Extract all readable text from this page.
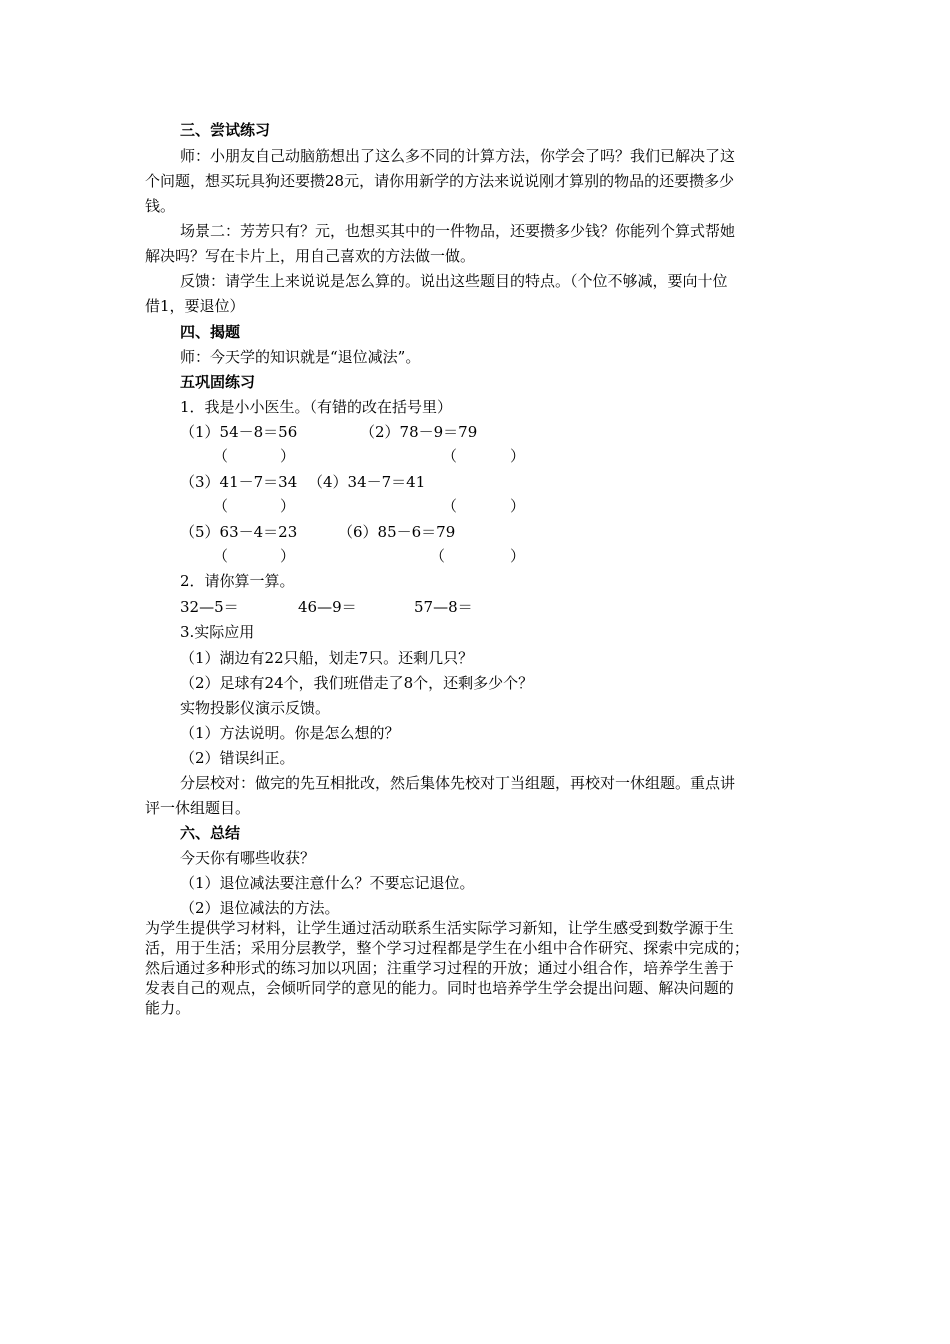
三、尝试练习
师：小朋友自己动脑筋想出了这么多不同的计算方法，你学会了吗？我们已解决了这
个问题，想买玩具狗还要攒28元，请你用新学的方法来说说刚才算别的物品的还要攒多少
钱。
场景二：芳芳只有？元，也想买其中的一件物品，还要攒多少钱？你能列个算式帮她
解决吗？写在卡片上，用自己喜欢的方法做一做。
反馈：请学生上来说说是怎么算的。说出这些题目的特点。（个位不够减，要向十位
借1，要退位）
四、揭题
师：今天学的知识就是“退位减法”。
五巩固练习
1．我是小小医生。（有错的改在括号里）
（1）54－8＝56	（2）78－9＝79
（	）	（	）
（3）41－7＝34 （4）34－7＝41
（	）	（	）
（5）63－4＝23	（6）85－6＝79
（	）	（	）
2．请你算一算。
32—5＝	46—9＝	57—8＝
3.实际应用
（1）湖边有22只船，划走7只。还剩几只？
（2）足球有24个，我们班借走了8个，还剩多少个？
实物投影仪演示反馈。
（1）方法说明。你是怎么想的？
（2）错误纠正。
分层校对：做完的先互相批改，然后集体先校对丁当组题，再校对一休组题。重点讲
评一休组题目。
六、总结
今天你有哪些收获？
（1）退位减法要注意什么？不要忘记退位。
（2）退位减法的方法。
为学生提供学习材料，让学生通过活动联系生活实际学习新知，让学生感受到数学源于生
活，用于生活；采用分层教学，整个学习过程都是学生在小组中合作研究、探索中完成的；
然后通过多种形式的练习加以巩固；注重学习过程的开放；通过小组合作，培养学生善于
发表自己的观点，会倾听同学的意见的能力。同时也培养学生学会提出问题、解决问题的
能力。
